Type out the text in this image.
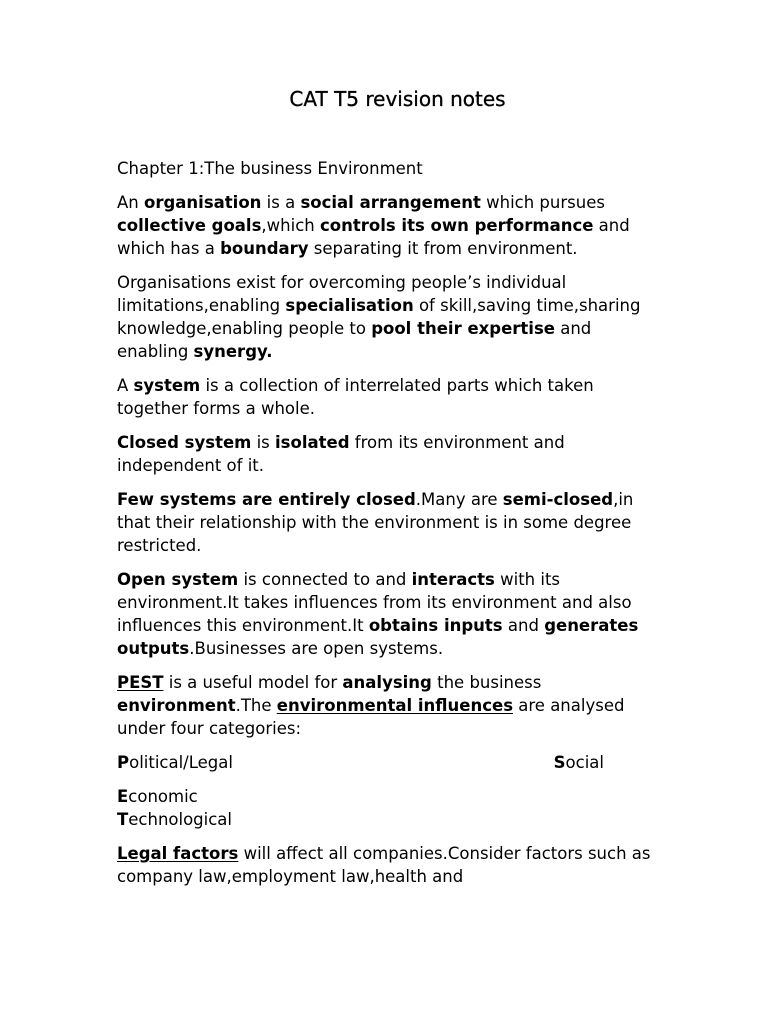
CAT T5 revision notes

Chapter 1:The business Environment

An organisation is a social arrangement which pursues collective goals,which controls its own performance and which has a boundary separating it from environment.

Organisations exist for overcoming people’s individual limitations,enabling specialisation of skill,saving time,sharing knowledge,enabling people to pool their expertise and enabling synergy.

A system is a collection of interrelated parts which taken together forms a whole.

Closed system is isolated from its environment and independent of it.

Few systems are entirely closed.Many are semi-closed,in that their relationship with the environment is in some degree restricted.

Open system is connected to and interacts with its environment.It takes influences from its environment and also influences this environment.It obtains inputs and generates outputs.Businesses are open systems.

PEST is a useful model for analysing the business environment.The environmental influences are analysed under four categories:

Political/Legal	Social

Economic
Technological

Legal factors will affect all companies.Consider factors such as company law,employment law,health and
